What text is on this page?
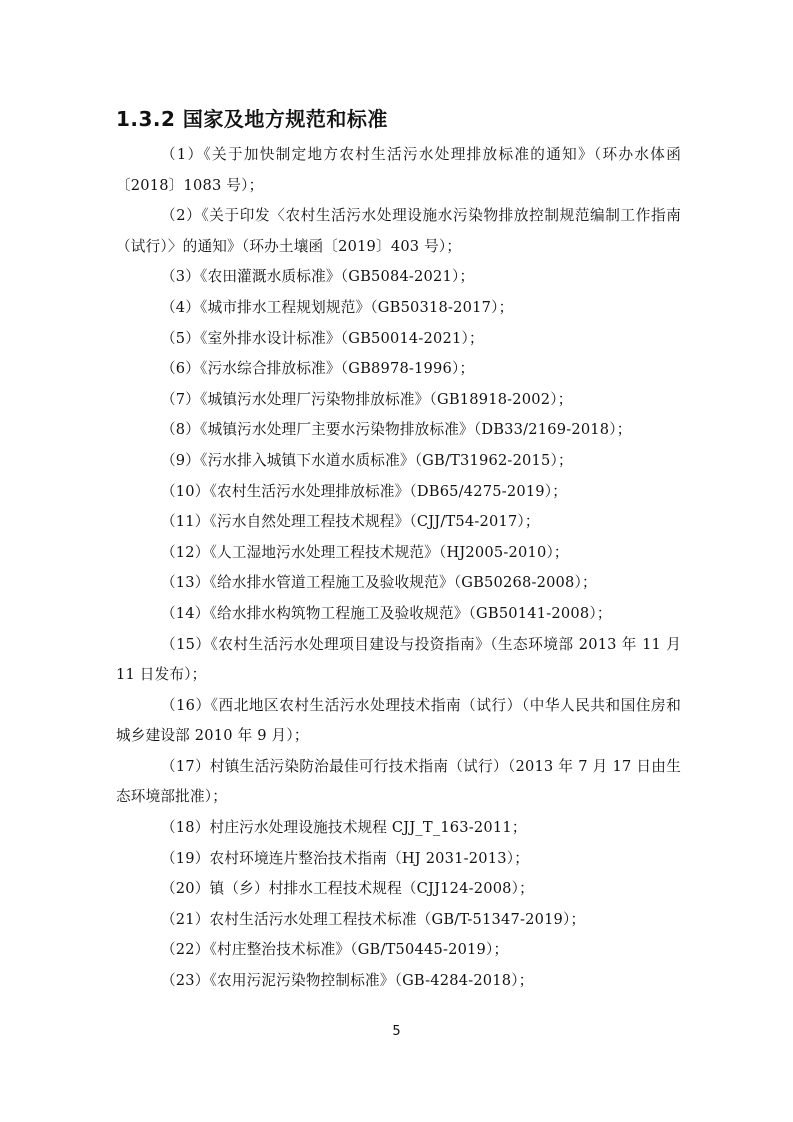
1.3.2 国家及地方规范和标准
（1）《关于加快制定地方农村生活污水处理排放标准的通知》（环办水体函〔2018〕1083 号）；
（2）《关于印发〈农村生活污水处理设施水污染物排放控制规范编制工作指南（试行）〉的通知》（环办土壤函〔2019〕403 号）；
（3）《农田灌溉水质标准》（GB5084-2021）；
（4）《城市排水工程规划规范》（GB50318-2017）；
（5）《室外排水设计标准》（GB50014-2021）；
（6）《污水综合排放标准》（GB8978-1996）；
（7）《城镇污水处理厂污染物排放标准》（GB18918-2002）；
（8）《城镇污水处理厂主要水污染物排放标准》（DB33/2169-2018）；
（9）《污水排入城镇下水道水质标准》（GB/T31962-2015）；
（10）《农村生活污水处理排放标准》（DB65/4275-2019）；
（11）《污水自然处理工程技术规程》（CJJ/T54-2017）；
（12）《人工湿地污水处理工程技术规范》（HJ2005-2010）；
（13）《给水排水管道工程施工及验收规范》（GB50268-2008）；
（14）《给水排水构筑物工程施工及验收规范》（GB50141-2008）；
（15）《农村生活污水处理项目建设与投资指南》（生态环境部 2013 年 11 月 11 日发布）；
（16）《西北地区农村生活污水处理技术指南（试行）（中华人民共和国住房和城乡建设部 2010 年 9 月）；
（17）村镇生活污染防治最佳可行技术指南（试行）（2013 年 7 月 17 日由生态环境部批准）；
（18）村庄污水处理设施技术规程 CJJ_T_163-2011；
（19）农村环境连片整治技术指南（HJ 2031-2013）；
（20）镇（乡）村排水工程技术规程（CJJ124-2008）；
（21）农村生活污水处理工程技术标准（GB/T-51347-2019）；
（22）《村庄整治技术标准》（GB/T50445-2019）；
（23）《农用污泥污染物控制标准》（GB-4284-2018）；
5
